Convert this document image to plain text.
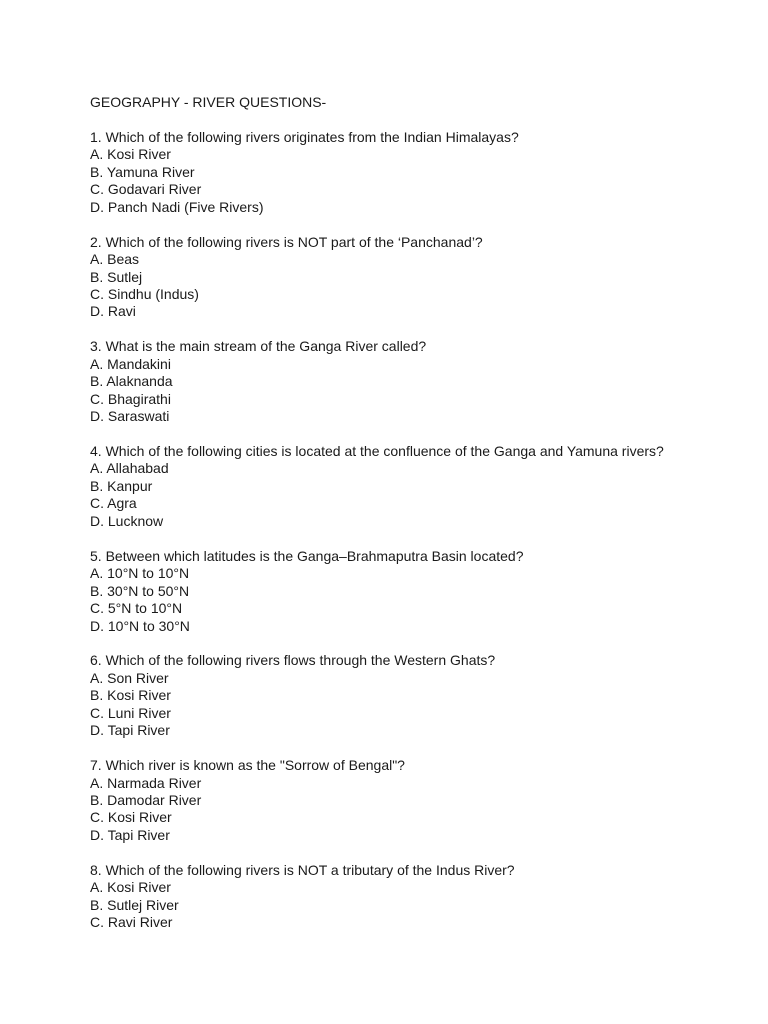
GEOGRAPHY - RIVER QUESTIONS-
1. Which of the following rivers originates from the Indian Himalayas?
A. Kosi River
B. Yamuna River
C. Godavari River
D. Panch Nadi (Five Rivers)
2. Which of the following rivers is NOT part of the ‘Panchanad’?
A. Beas
B. Sutlej
C. Sindhu (Indus)
D. Ravi
3. What is the main stream of the Ganga River called?
A. Mandakini
B. Alaknanda
C. Bhagirathi
D. Saraswati
4. Which of the following cities is located at the confluence of the Ganga and Yamuna rivers?
A. Allahabad
B. Kanpur
C. Agra
D. Lucknow
5. Between which latitudes is the Ganga–Brahmaputra Basin located?
A. 10°N to 10°N
B. 30°N to 50°N
C. 5°N to 10°N
D. 10°N to 30°N
6. Which of the following rivers flows through the Western Ghats?
A. Son River
B. Kosi River
C. Luni River
D. Tapi River
7. Which river is known as the "Sorrow of Bengal"?
A. Narmada River
B. Damodar River
C. Kosi River
D. Tapi River
8. Which of the following rivers is NOT a tributary of the Indus River?
A. Kosi River
B. Sutlej River
C. Ravi River
